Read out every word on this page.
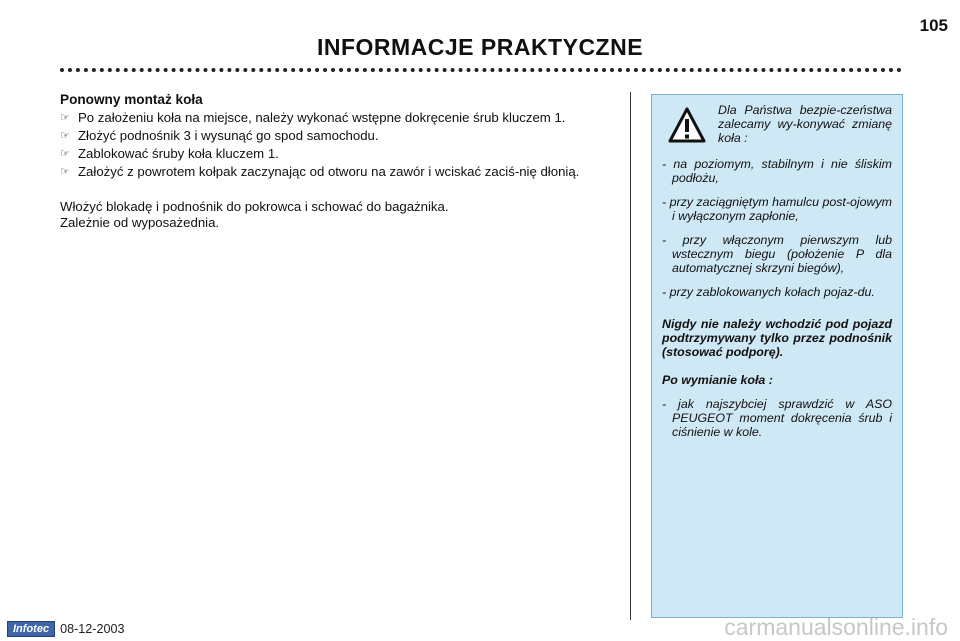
105
INFORMACJE PRAKTYCZNE
Ponowny montaż koła
☞ Po założeniu koła na miejsce, należy wykonać wstępne dokręcenie śrub kluczem 1.
☞ Złożyć podnośnik 3 i wysunąć go spod samochodu.
☞ Zablokować śruby koła kluczem 1.
☞ Założyć z powrotem kołpak zaczynając od otworu na zawór i wciskać zaciś-nię dłonią.

Włożyć blokadę i podnośnik do pokrowca i schować do bagażnika.

Zależnie od wyposażednia.

Dla Państwa bezpie-czeństwa zalecamy wy-konywać zmianę koła :

- na poziomym, stabilnym i nie śliskim podłożu,

- przy zaciągniętym hamulcu post-ojowym i wyłączonym zapłonie,

- przy włączonym pierwszym lub wstecznym biegu (położenie P dla automatycznej skrzyni biegów),

- przy zablokowanych kołach pojaz-du.

Nigdy nie należy wchodzić pod pojazd podtrzymywany tylko przez podnośnik (stosować podporę).

Po wymianie koła :

- jak najszybciej sprawdzić w ASO PEUGEOT moment dokręcenia śrub i ciśnienie w kole.

Infotec 08-12-2003	carmanualsonline.info
